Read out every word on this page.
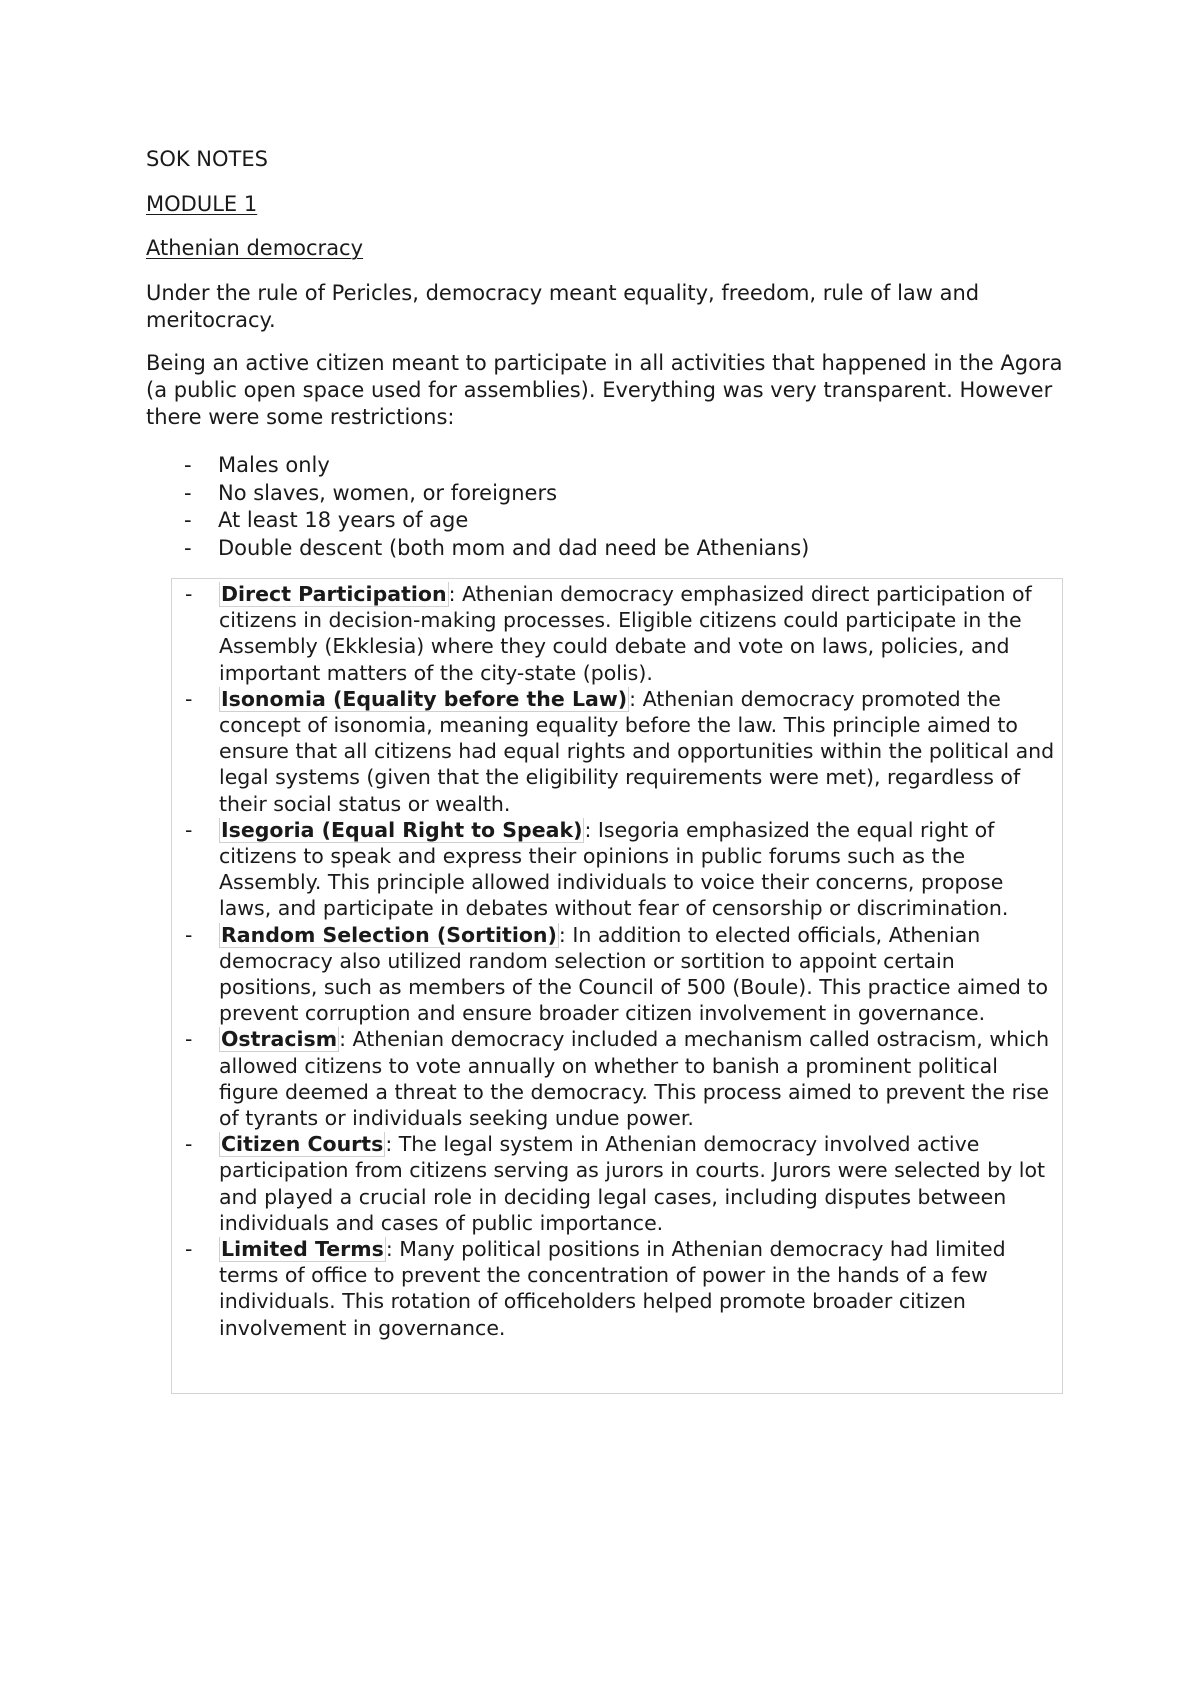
SOK NOTES

MODULE 1

Athenian democracy

Under the rule of Pericles, democracy meant equality, freedom, rule of law and meritocracy.

Being an active citizen meant to participate in all activities that happened in the Agora (a public open space used for assemblies). Everything was very transparent. However there were some restrictions:

- Males only
- No slaves, women, or foreigners
- At least 18 years of age
- Double descent (both mom and dad need be Athenians)
- Direct Participation: Athenian democracy emphasized direct participation of citizens in decision-making processes. Eligible citizens could participate in the Assembly (Ekklesia) where they could debate and vote on laws, policies, and important matters of the city-state (polis).
- Isonomia (Equality before the Law): Athenian democracy promoted the concept of isonomia, meaning equality before the law. This principle aimed to ensure that all citizens had equal rights and opportunities within the political and legal systems (given that the eligibility requirements were met), regardless of their social status or wealth.
- Isegoria (Equal Right to Speak): Isegoria emphasized the equal right of citizens to speak and express their opinions in public forums such as the Assembly. This principle allowed individuals to voice their concerns, propose laws, and participate in debates without fear of censorship or discrimination.
- Random Selection (Sortition): In addition to elected officials, Athenian democracy also utilized random selection or sortition to appoint certain positions, such as members of the Council of 500 (Boule). This practice aimed to prevent corruption and ensure broader citizen involvement in governance.
- Ostracism: Athenian democracy included a mechanism called ostracism, which allowed citizens to vote annually on whether to banish a prominent political figure deemed a threat to the democracy. This process aimed to prevent the rise of tyrants or individuals seeking undue power.
- Citizen Courts: The legal system in Athenian democracy involved active participation from citizens serving as jurors in courts. Jurors were selected by lot and played a crucial role in deciding legal cases, including disputes between individuals and cases of public importance.
- Limited Terms: Many political positions in Athenian democracy had limited terms of office to prevent the concentration of power in the hands of a few individuals. This rotation of officeholders helped promote broader citizen involvement in governance.
